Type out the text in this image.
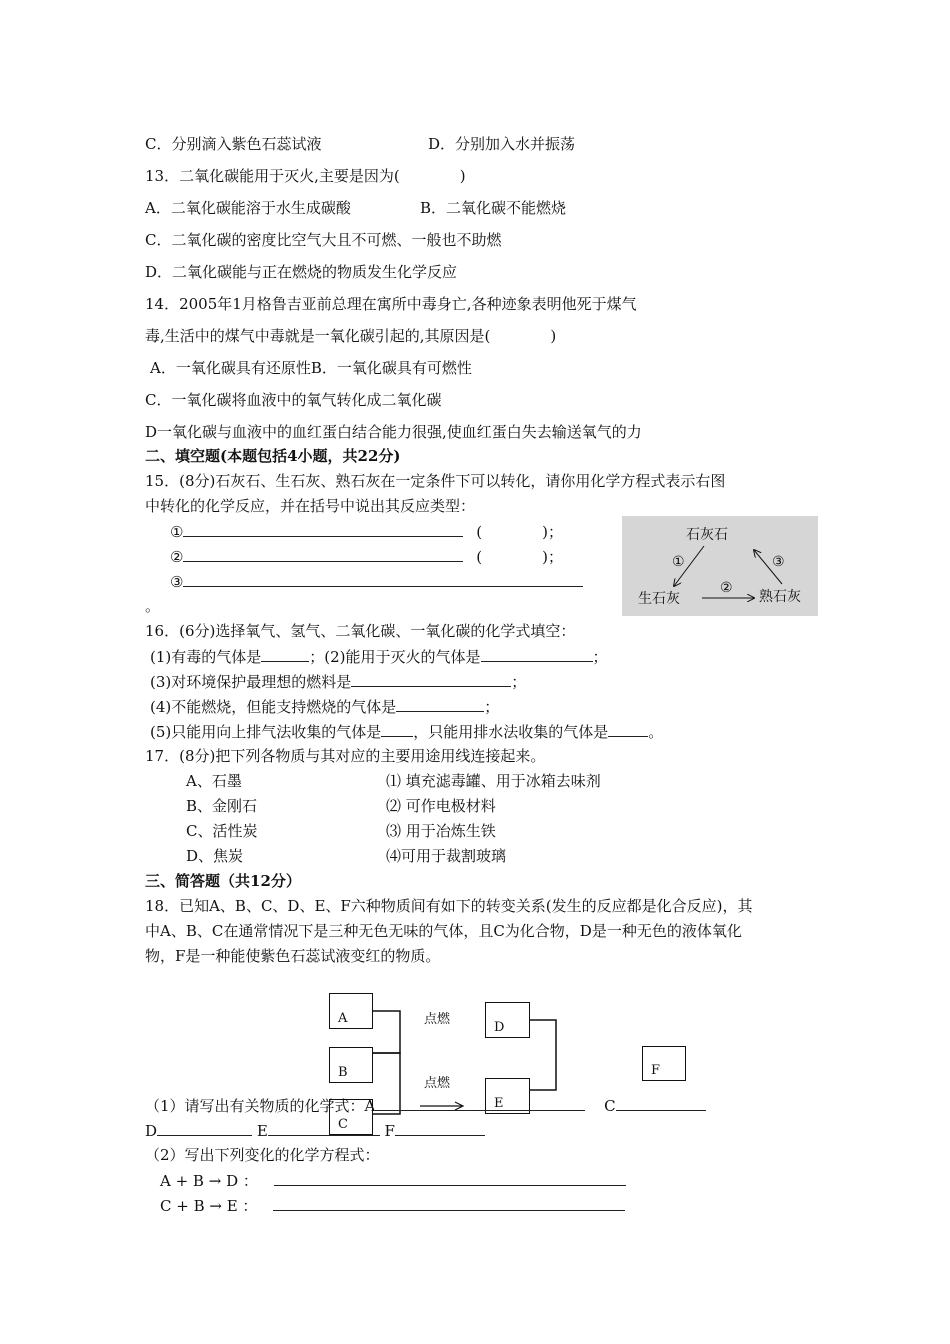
C．分别滴入紫色石蕊试液	D．分别加入水并振荡
13．二氧化碳能用于灭火,主要是因为(　　　　)
A．二氧化碳能溶于水生成碳酸	B．二氧化碳不能燃烧
C．二氧化碳的密度比空气大且不可燃、一般也不助燃
D．二氧化碳能与正在燃烧的物质发生化学反应
14．2005年1月格鲁吉亚前总理在寓所中毒身亡,各种迹象表明他死于煤气
毒,生活中的煤气中毒就是一氧化碳引起的,其原因是(　　　　)
A．一氧化碳具有还原性B．一氧化碳具有可燃性
C．一氧化碳将血液中的氧气转化成二氧化碳
D一氧化碳与血液中的血红蛋白结合能力很强,使血红蛋白失去输送氧气的力
二、填空题(本题包括4小题，共22分)
15．(8分)石灰石、生石灰、熟石灰在一定条件下可以转化，请你用化学方程式表示右图
中转化的化学反应，并在括号中说出其反应类型：
①	(　　　　)；
②	(　　　　)；
③
。
石灰石
生石灰	熟石灰
①
②
③
16．(6分)选择氧气、氢气、二氧化碳、一氧化碳的化学式填空：
(1)有毒的气体是	；(2)能用于灭火的气体是	；
(3)对环境保护最理想的燃料是	；
(4)不能燃烧，但能支持燃烧的气体是	；
(5)只能用向上排气法收集的气体是 ，只能用排水法收集的气体是	。
17．(8分)把下列各物质与其对应的主要用途用线连接起来。
A、石墨
B、金刚石
C、活性炭
D、焦炭
⑴ 填充滤毒罐、用于冰箱去味剂
⑵ 可作电极材料
⑶ 用于冶炼生铁
⑷可用于裁割玻璃
三、简答题（共12分）
18．已知A、B、C、D、E、F六种物质间有如下的转变关系(发生的反应都是化合反应)，其
中A、B、C在通常情况下是三种无色无味的气体，且C为化合物，D是一种无色的液体氧化
物，F是一种能使紫色石蕊试液变红的物质。
A
B
C
D
E
F
点燃
点燃
（1）请写出有关物质的化学式：A	C
D	E	F
（2）写出下列变化的化学方程式：
A + B → D ：
C + B → E ：
